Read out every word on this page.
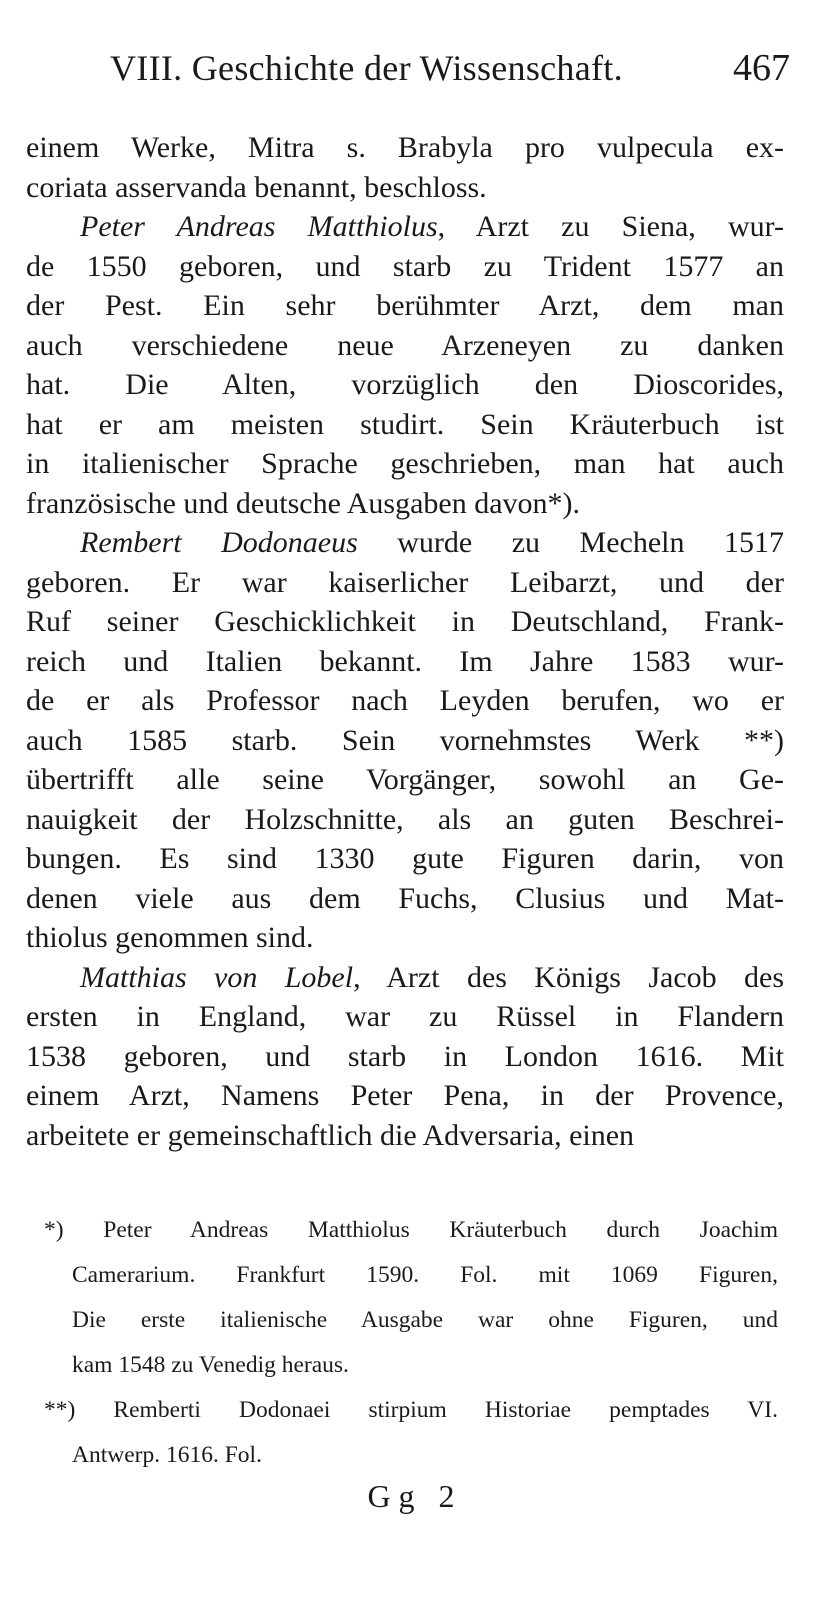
VIII. Geschichte der Wissenschaft.	467
einem Werke, Mitra s. Brabyla pro vulpecula ex-
coriata asservanda benannt, beschloss.
Peter Andreas Matthiolus, Arzt zu Siena, wur-
de 1550 geboren, und starb zu Trident 1577 an
der Pest. Ein sehr berühmter Arzt, dem man
auch verschiedene neue Arzeneyen zu danken
hat. Die Alten, vorzüglich den Dioscorides,
hat er am meisten studirt. Sein Kräuterbuch ist
in italienischer Sprache geschrieben, man hat auch
französische und deutsche Ausgaben davon*).
Rembert Dodonaeus wurde zu Mecheln 1517
geboren. Er war kaiserlicher Leibarzt, und der
Ruf seiner Geschicklichkeit in Deutschland, Frank-
reich und Italien bekannt. Im Jahre 1583 wur-
de er als Professor nach Leyden berufen, wo er
auch 1585 starb. Sein vornehmstes Werk **)
übertrifft alle seine Vorgänger, sowohl an Ge-
nauigkeit der Holzschnitte, als an guten Beschrei-
bungen. Es sind 1330 gute Figuren darin, von
denen viele aus dem Fuchs, Clusius und Mat-
thiolus genommen sind.
Matthias von Lobel, Arzt des Königs Jacob des
ersten in England, war zu Rüssel in Flandern
1538 geboren, und starb in London 1616. Mit
einem Arzt, Namens Peter Pena, in der Provence,
arbeitete er gemeinschaftlich die Adversaria, einen
*) Peter Andreas Matthiolus Kräuterbuch durch Joachim
Camerarium. Frankfurt 1590. Fol. mit 1069 Figuren,
Die erste italienische Ausgabe war ohne Figuren, und
kam 1548 zu Venedig heraus.
**) Remberti Dodonaei stirpium Historiae pemptades VI.
Antwerp. 1616. Fol.
Gg 2
